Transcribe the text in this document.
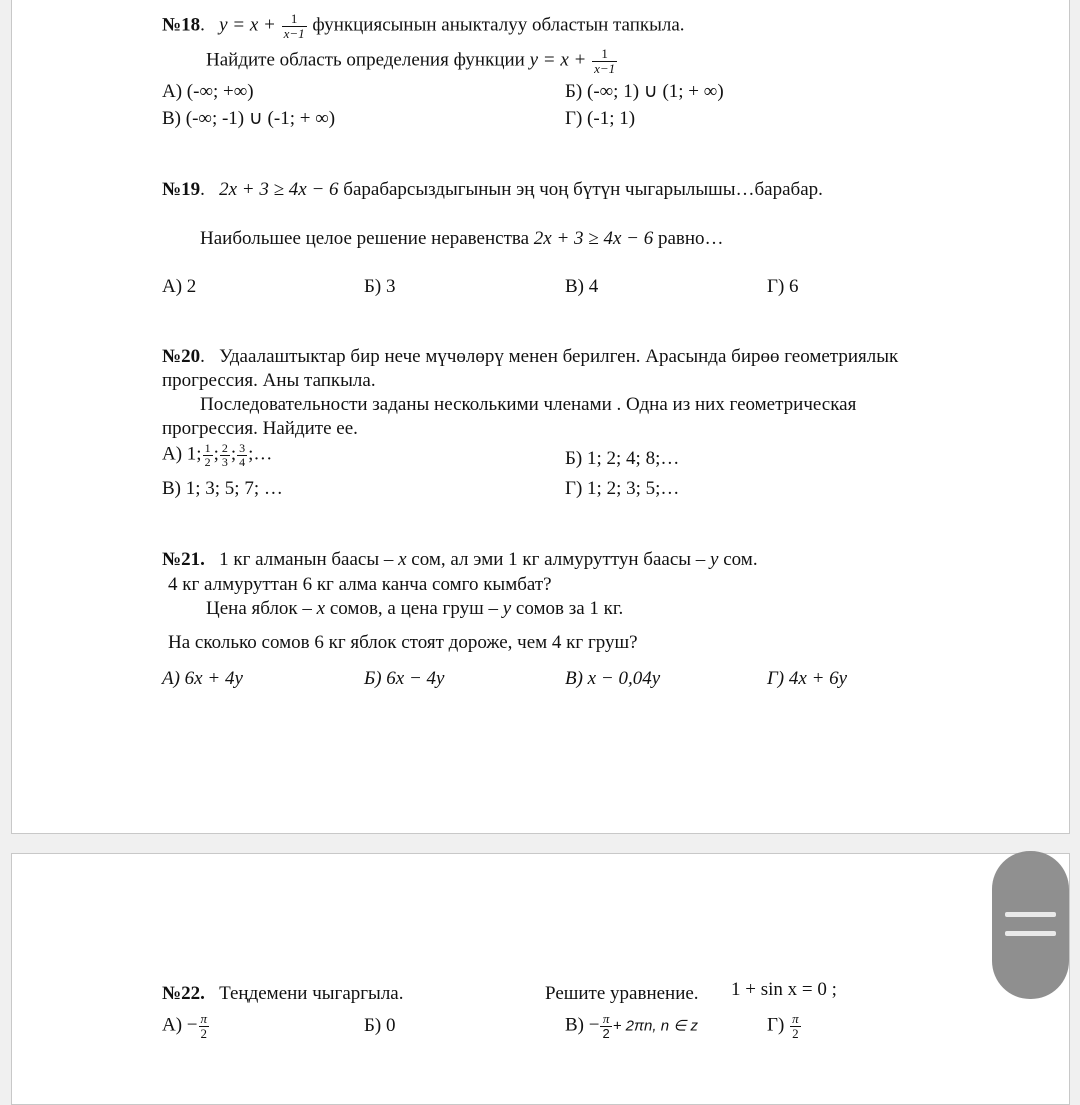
№18.   $y = x + \frac{1}{x-1}$ функциясынын аныкталуу областын тапкыла.
Найдите область определения функции $y = x + \frac{1}{x-1}$
А) (-∞; +∞)	Б) (-∞; 1) ∪ (1; + ∞)
В) (-∞; -1) ∪ (-1; + ∞)	Г) (-1; 1)
№19.   2x + 3 ≥ 4x − 6 барабарсыздыгынын эң чоң бүтүн чыгарылышы…барабар.
Наибольшее целое решение неравенства 2x + 3 ≥ 4x − 6 равно…
А) 2	Б) 3	В) 4	Г) 6
№20.   Удаалаштыктар бир нече мүчөлөрү менен берилген. Арасында бирөө геометриялык
прогрессия. Аны тапкыла.
Последовательности заданы несколькими членами . Одна из них геометрическая
прогрессия. Найдите ее.
А) 1; $\frac{1}{2}$ ; $\frac{2}{3}$ ; $\frac{3}{4}$ ;…	Б) 1; 2; 4; 8;…
В) 1; 3; 5; 7; …	Г) 1; 2; 3; 5;…
№21. 1 кг алманын баасы – x сом, ал эми 1 кг алмуруттун баасы – y сом.
4 кг алмуруттан 6 кг алма канча сомго кымбат?
Цена яблок – x сомов, а цена груш – y сомов за 1 кг.
На сколько сомов 6 кг яблок стоят дороже, чем 4 кг груш?
А) 6x + 4y	Б) 6x − 4y	В) x − 0,04y	Г) 4x + 6y
№22. Теңдемени чыгаргыла.	Решите уравнение. 1 + sin x = 0 ;
$А) - \frac{\pi}{2}$	Б) 0	$В) - \frac{\pi}{2} + 2\pi n$, n ∈ z	$Г) \frac{\pi}{2}$
